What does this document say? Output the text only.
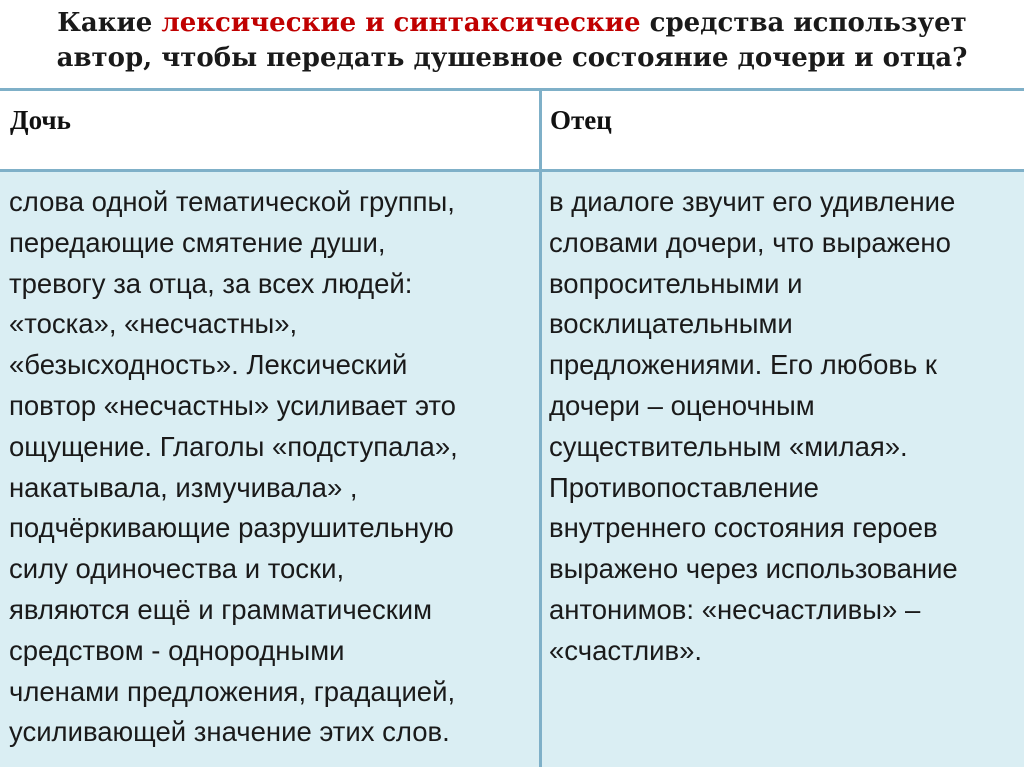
Какие лексические и синтаксические средства использует
автор, чтобы передать душевное состояние дочери и отца?
Дочь	Отец
слова одной тематической группы,
передающие смятение души,
тревогу за отца, за всех людей:
«тоска», «несчастны»,
«безысходность». Лексический
повтор «несчастны» усиливает это
ощущение. Глаголы «подступала»,
накатывала, измучивала» ,
подчёркивающие разрушительную
силу одиночества и тоски,
являются ещё и грамматическим
средством - однородными
членами предложения, градацией,
усиливающей значение этих слов.
в диалоге звучит его удивление
словами дочери, что выражено
вопросительными и
восклицательными
предложениями. Его любовь к
дочери – оценочным
существительным «милая».
Противопоставление
внутреннего состояния героев
выражено через использование
антонимов: «несчастливы» –
«счастлив».
